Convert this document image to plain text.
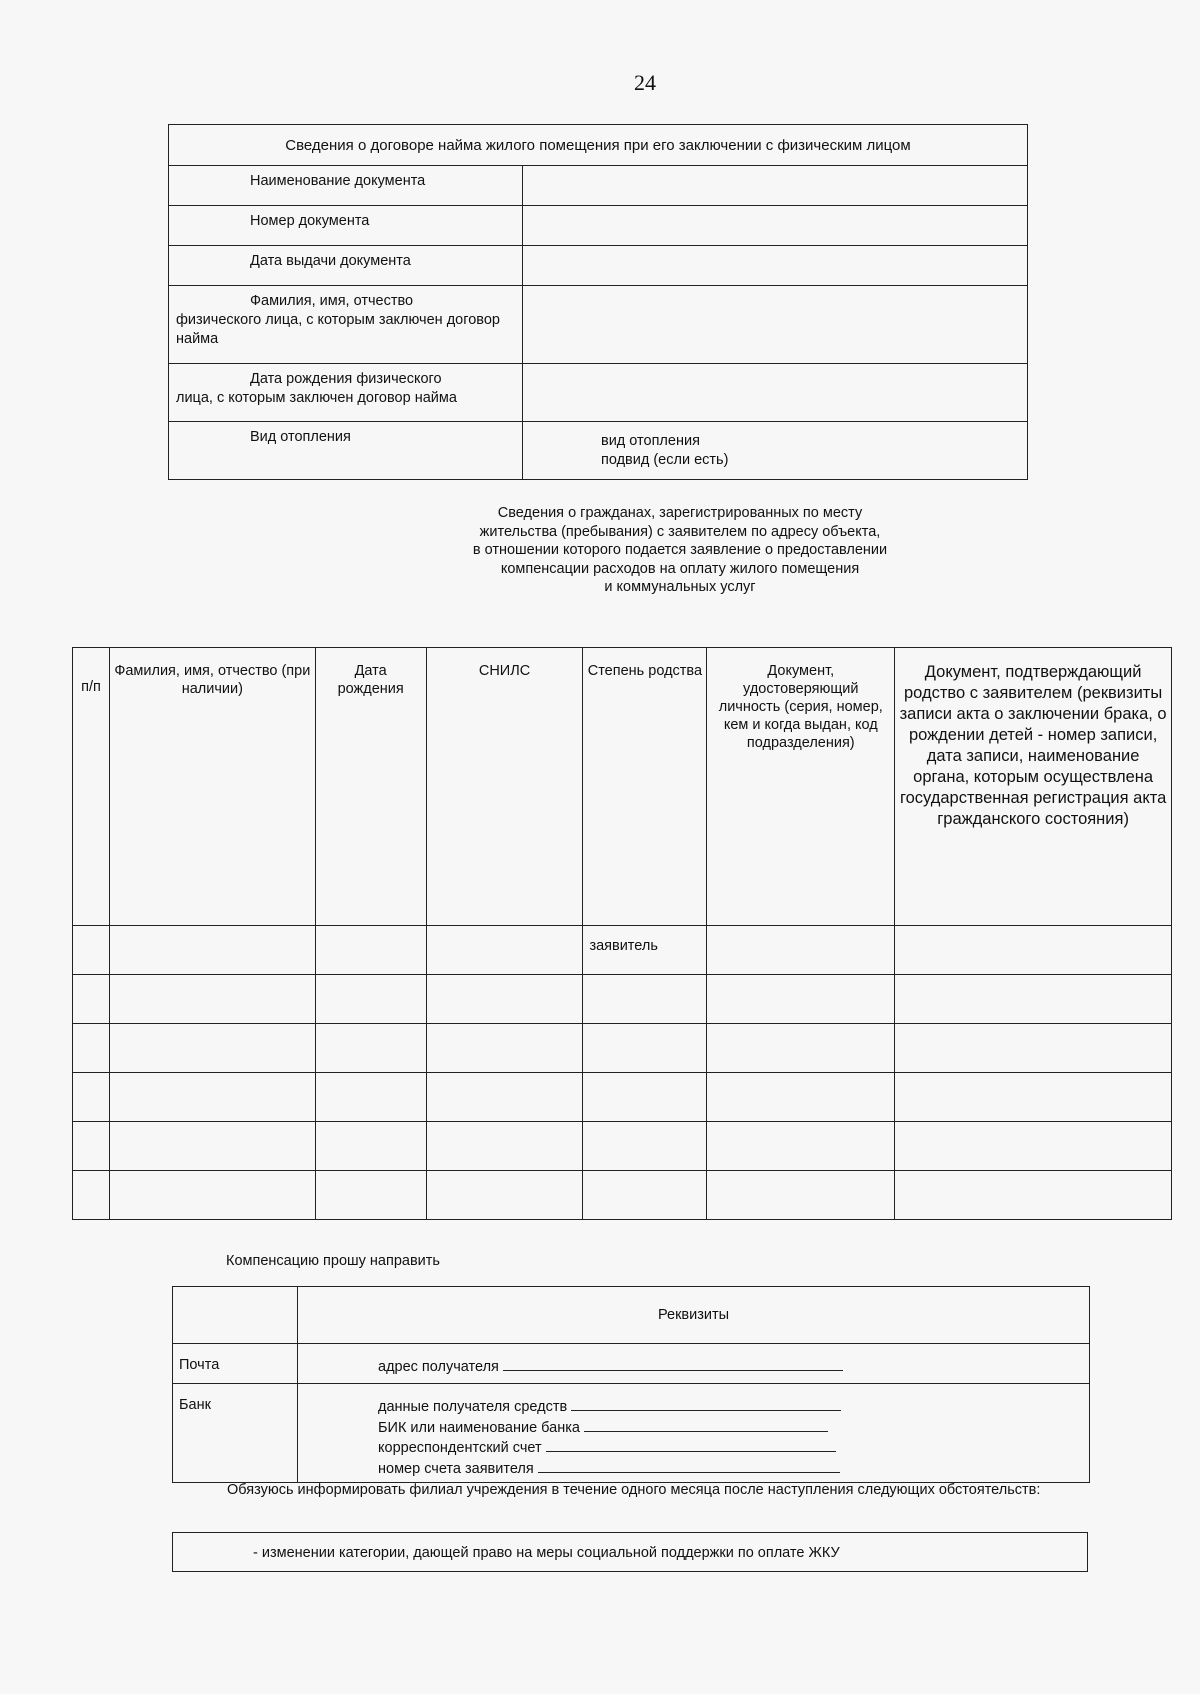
24
Сведения о договоре найма жилого помещения при его заключении с физическим лицом	
Наименование документа	
Номер документа	
Дата выдачи документа	
Фамилия, имя, отчество
физического лица, с которым заключен договор найма	
Дата рождения физического
лица, с которым заключен договор найма	
Вид отопления	вид отопления
подвид (если есть)
Сведения о гражданах, зарегистрированных по месту
жительства (пребывания) с заявителем по адресу объекта,
в отношении которого подается заявление о предоставлении
компенсации расходов на оплату жилого помещения
и коммунальных услуг
п/п	Фамилия, имя, отчество (при наличии)	Дата рождения	СНИЛС	Степень родства	Документ, удостоверяющий личность (серия, номер, кем и когда выдан, код подразделения)	Документ, подтверждающий родство с заявителем (реквизиты записи акта о заключении брака, о рождении детей - номер записи, дата записи, наименование органа, которым осуществлена государственная регистрация акта гражданского состояния)
				заявитель		

Компенсацию прошу направить
	Реквизиты
Почта	адрес получателя
Банк	данные получателя средств
БИК или наименование банка
корреспондентский счет
номер счета заявителя
Обязуюсь информировать филиал учреждения в течение одного месяца после наступления следующих обстоятельств:
- изменении категории, дающей право на меры социальной поддержки по оплате ЖКУ
